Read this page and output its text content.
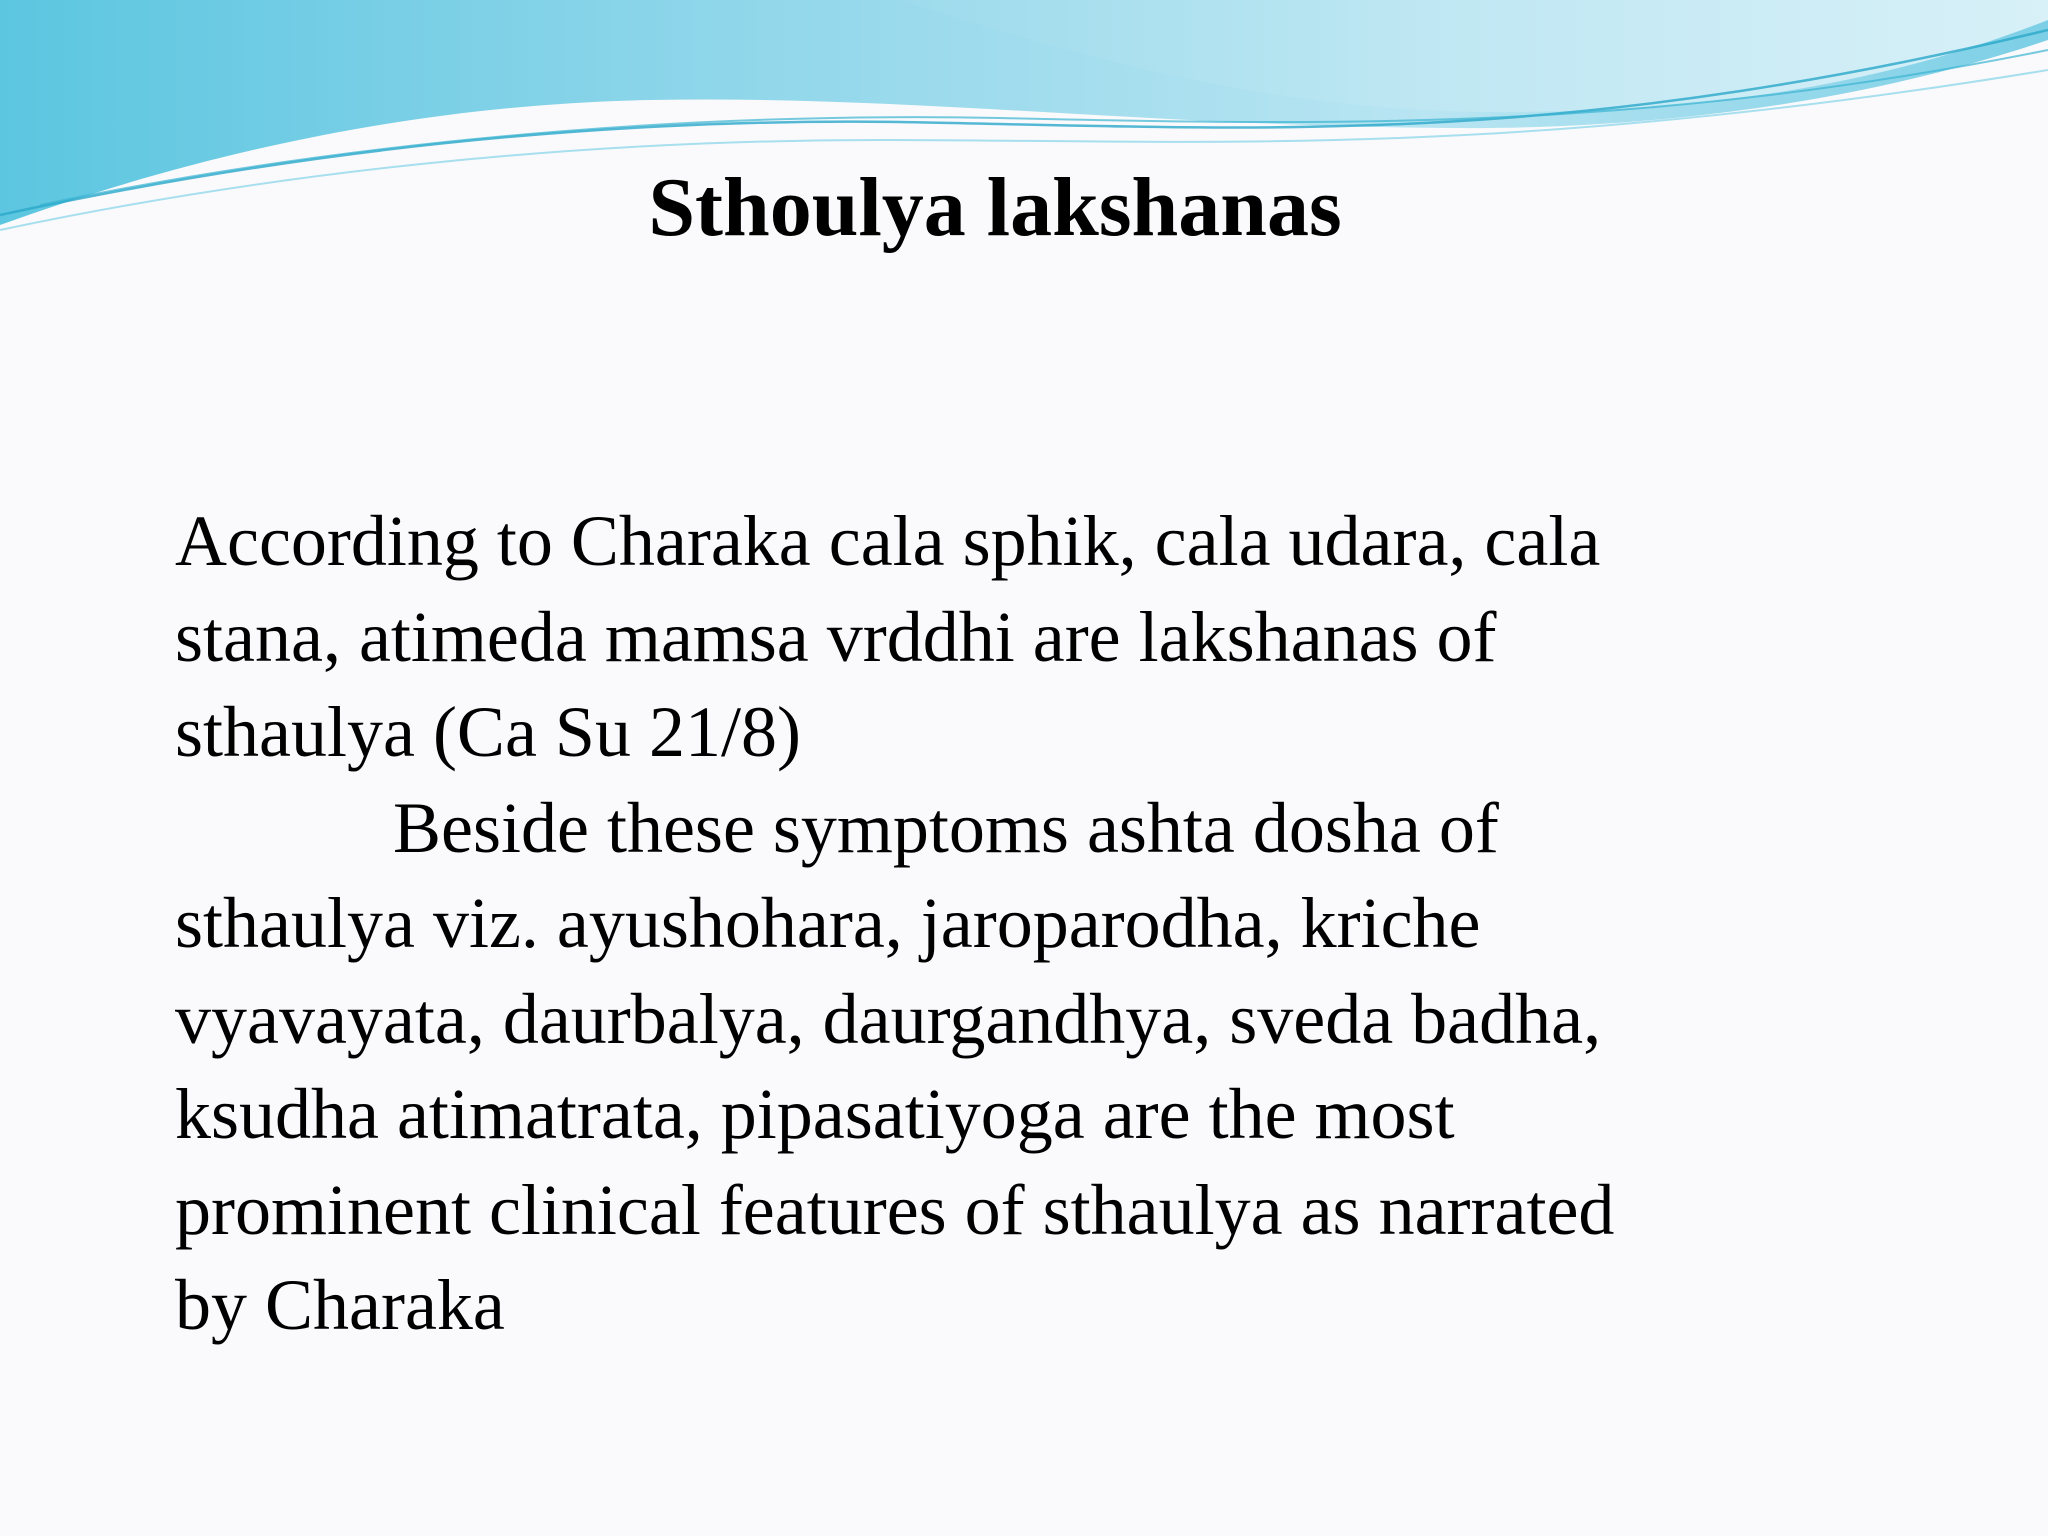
Sthoulya lakshanas
According to Charaka cala sphik, cala udara, cala
stana, atimeda mamsa vrddhi are lakshanas of
sthaulya (Ca Su 21/8)
Beside these symptoms ashta dosha of
sthaulya viz. ayushohara, jaroparodha, kriche
vyavayata, daurbalya, daurgandhya, sveda badha,
ksudha atimatrata, pipasatiyoga are the most
prominent clinical features of sthaulya as narrated
by Charaka
